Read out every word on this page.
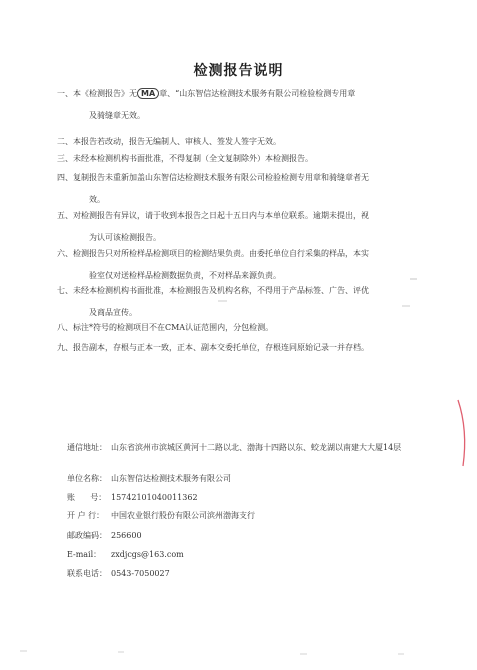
检测报告说明
一、本《检测报告》无 MA 章、“山东智信达检测技术服务有限公司检验检测专用章
及骑缝章无效。
二、本报告若改动，报告无编制人、审核人、签发人签字无效。
三、未经本检测机构书面批准，不得复制（全文复制除外）本检测报告。
四、复制报告未重新加盖山东智信达检测技术服务有限公司检验检测专用章和骑缝章者无
效。
五、对检测报告有异议，请于收到本报告之日起十五日内与本单位联系。逾期未提出，视
为认可该检测报告。
六、检测报告只对所检样品检测项目的检测结果负责。由委托单位自行采集的样品，本实
验室仅对送检样品检测数据负责，不对样品来源负责。
七、未经本检测机构书面批准，本检测报告及机构名称，不得用于产品标签、广告、评优
及商品宣传。
八、标注*符号的检测项目不在CMA认证范围内，分包检测。
九、报告副本，存根与正本一致，正本、副本交委托单位，存根连同原始记录一并存档。
通信地址： 山东省滨州市滨城区黄河十二路以北、渤海十四路以东、蛟龙湖以南建大大厦14层
单位名称： 山东智信达检测技术服务有限公司
账      号： 15742101040011362
开 户 行： 中国农业银行股份有限公司滨州渤海支行
邮政编码： 256600
E-mail： zxdjcgs@163.com
联系电话： 0543-7050027
